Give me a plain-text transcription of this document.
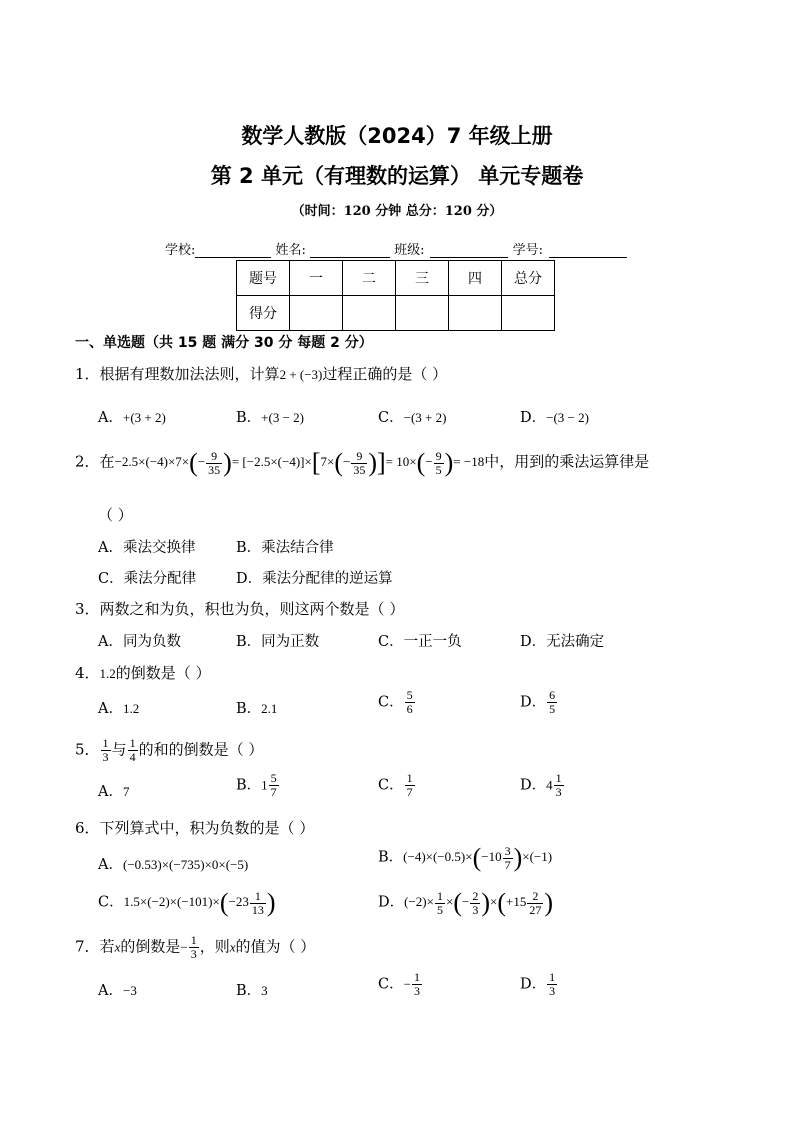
数学人教版（2024）7 年级上册
第 2 单元（有理数的运算） 单元专题卷
（时间：120 分钟 总分：120 分）
学校:	姓名:	班级:	学号:
题号	一	二	三	四	总分
得分					
一、单选题（共 15 题 满分 30 分 每题 2 分）
1．根据有理数加法法则，计算2 + (−3)过程正确的是（ ）
A．+(3 + 2)	B．+(3 − 2)	C．−(3 + 2)	D．−(3 − 2)
2．在$-2.5\times(-4)\times 7\times(- \frac{9}{35}$ )= $[-2.5\times(-4)]\times[7\times(- \frac{9}{35}$ )]= $10\times(- \frac{9}{5}$ )= −18中，用到的乘法运算律是
（ ）
A．乘法交换律	B．乘法结合律
C．乘法分配律	D．乘法分配律的逆运算
3．两数之和为负，积也为负，则这两个数是（ ）
A．同为负数	B．同为正数	C．一正一负	D．无法确定
4．1.2的倒数是（ ）
A．1.2	B．2.1	C． $\frac{5}{6}$	D． $\frac{6}{5}$
5． $\frac{1}{3}$ 与 $\frac{1}{4}$ 的和的倒数是（ ）
A．7	B．$1 \frac{5}{7}$	C． $\frac{1}{7}$	D．$4 \frac{1}{3}$
6．下列算式中，积为负数的是（ ）
A．(−0.53)×(−735)×0×(−5)	B．$(-4)\times(-0.5)\times(-10 \frac{3}{7} )\times(-1)$
C．$1.5\times(-2)\times(-101)\times(-23 \frac{1}{13}$ )	D．$(-2)\times \frac{1}{5}$ ×(− $\frac{2}{3} )\times(+15 \frac{2}{27}$ )
7．若x的倒数是− $\frac{1}{3}$ ，则x的值为（ ）
A．−3	B．3	C．− $\frac{1}{3}$	D． $\frac{1}{3}$
